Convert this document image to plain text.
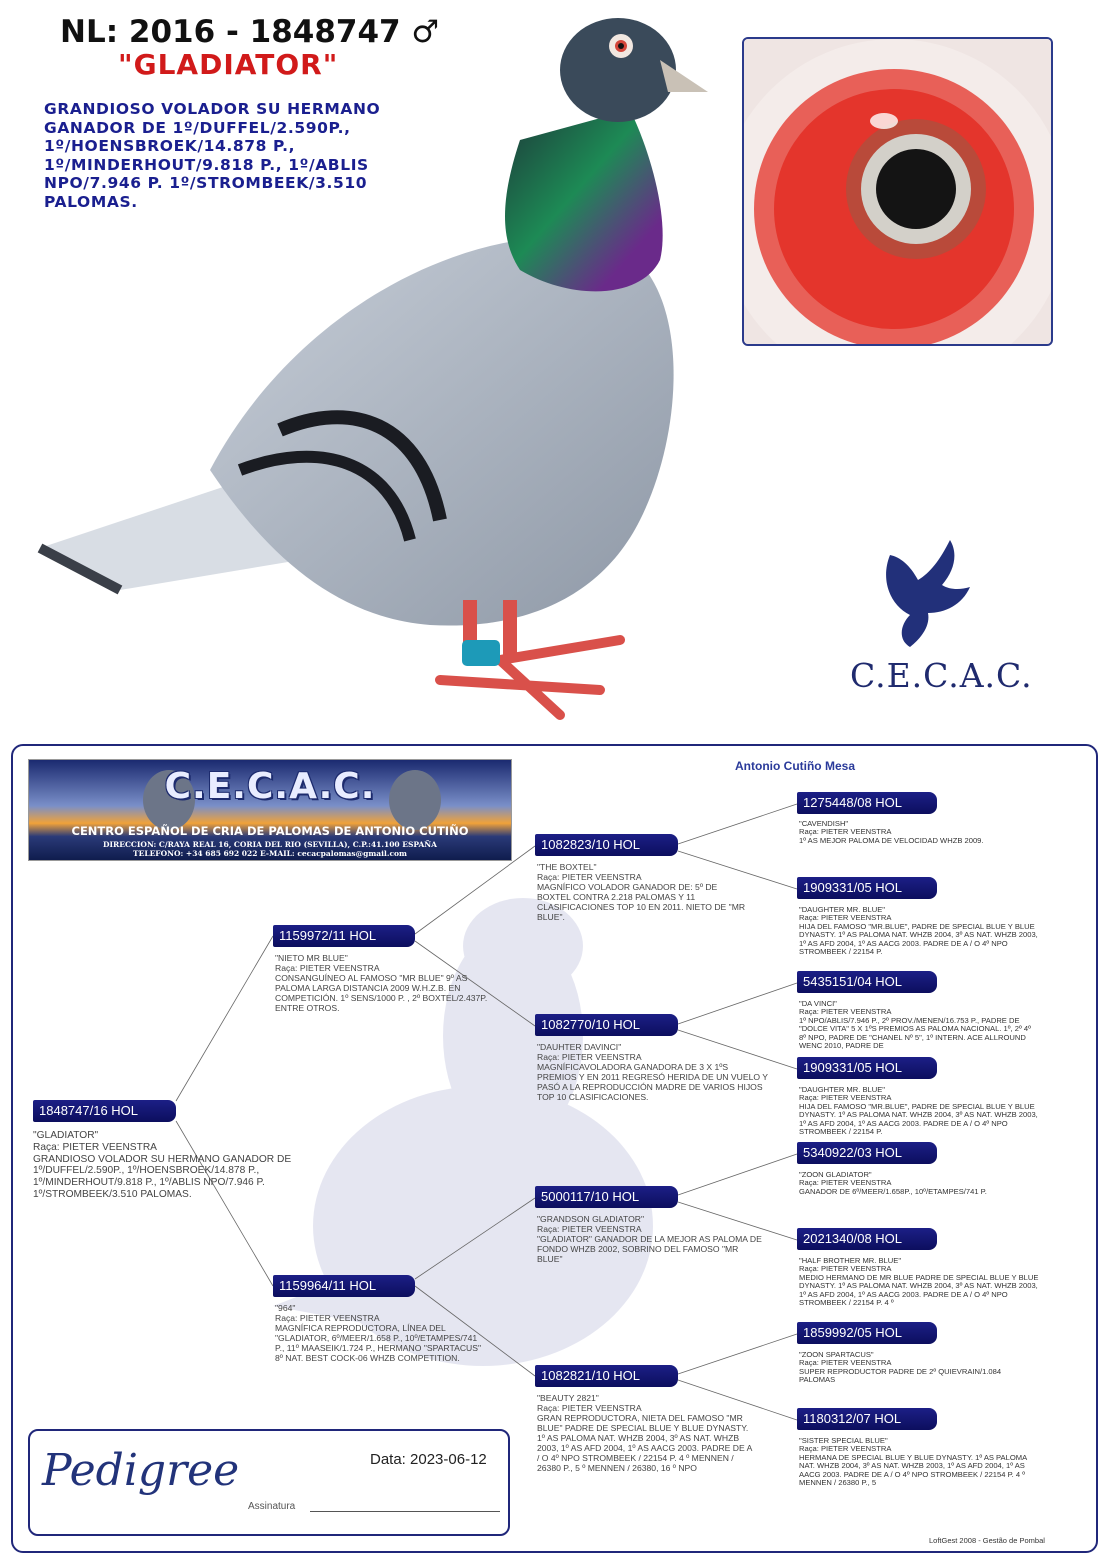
NL: 2016 - 1848747 ♂
"GLADIATOR"
GRANDIOSO VOLADOR SU HERMANO GANADOR DE 1º/DUFFEL/2.590P., 1º/HOENSBROEK/14.878 P., 1º/MINDERHOUT/9.818 P., 1º/ABLIS NPO/7.946 P. 1º/STROMBEEK/3.510 PALOMAS.
C.E.C.A.C.
Antonio Cutiño Mesa
C.E.C.A.C.
CENTRO ESPAÑOL DE CRIA DE PALOMAS DE ANTONIO CUTIÑO
DIRECCION: C/RAYA REAL 16, CORIA DEL RIO (SEVILLA), C.P.:41.100 ESPAÑA
TELEFONO: +34 685 692 022 E-MAIL: cecacpalomas@gmail.com
1848747/16 HOL
"GLADIATOR"
Raça: PIETER VEENSTRA
GRANDIOSO VOLADOR SU HERMANO GANADOR DE 1º/DUFFEL/2.590P., 1º/HOENSBROEK/14.878 P., 1º/MINDERHOUT/9.818 P., 1º/ABLIS NPO/7.946 P. 1º/STROMBEEK/3.510 PALOMAS.
1159972/11 HOL
"NIETO MR BLUE"
Raça: PIETER VEENSTRA
CONSANGUÍNEO AL FAMOSO "MR BLUE" 9º AS PALOMA LARGA DISTANCIA 2009 W.H.Z.B. EN COMPETICIÓN. 1º SENS/1000 P. , 2º BOXTEL/2.437P. ENTRE OTROS.
1159964/11 HOL
"964"
Raça: PIETER VEENSTRA
MAGNÍFICA REPRODUCTORA, LÍNEA DEL "GLADIATOR, 6º/MEER/1.658 P., 10º/ETAMPES/741 P., 11º MAASEIK/1.724 P., HERMANO "SPARTACUS" 8º NAT. BEST COCK-06 WHZB COMPETITION.
1082823/10 HOL
"THE BOXTEL"
Raça: PIETER VEENSTRA
MAGNÍFICO VOLADOR GANADOR DE: 5º DE BOXTEL CONTRA 2.218 PALOMAS Y 11 CLASIFICACIONES TOP 10 EN 2011. NIETO DE "MR BLUE".
1082770/10 HOL
"DAUHTER DAVINCI"
Raça: PIETER VEENSTRA
MAGNÍFICAVOLADORA GANADORA DE 3 X 1ºS PREMIOS Y EN 2011 REGRESÓ HERIDA DE UN VUELO Y PASÓ A LA REPRODUCCIÓN MADRE DE VARIOS HIJOS TOP 10 CLASIFICACIONES.
5000117/10 HOL
"GRANDSON GLADIATOR"
Raça: PIETER VEENSTRA
"GLADIATOR" GANADOR DE LA MEJOR AS PALOMA DE FONDO WHZB 2002, SOBRINO DEL FAMOSO "MR BLUE"
1082821/10 HOL
"BEAUTY 2821"
Raça: PIETER VEENSTRA
GRAN REPRODUCTORA, NIETA DEL FAMOSO "MR BLUE" PADRE DE SPECIAL BLUE Y BLUE DYNASTY. 1º AS PALOMA NAT. WHZB 2004, 3º AS NAT. WHZB 2003, 1º AS AFD 2004, 1º AS AACG 2003. PADRE DE A / O 4º NPO STROMBEEK / 22154 P. 4 º MENNEN / 26380 P., 5 º MENNEN / 26380, 16 º NPO
1275448/08 HOL
"CAVENDISH"
Raça: PIETER VEENSTRA
1º AS MEJOR PALOMA DE VELOCIDAD WHZB 2009.
1909331/05 HOL
"DAUGHTER MR. BLUE"
Raça: PIETER VEENSTRA
HIJA DEL FAMOSO "MR.BLUE", PADRE DE SPECIAL BLUE Y BLUE DYNASTY. 1º AS PALOMA NAT. WHZB 2004, 3º AS NAT. WHZB 2003, 1º AS AFD 2004, 1º AS AACG 2003. PADRE DE A / O 4º NPO STROMBEEK / 22154 P.
5435151/04 HOL
"DA VINCI"
Raça: PIETER VEENSTRA
1º NPO/ABLIS/7.946 P., 2º PROV./MENEN/16.753 P., PADRE DE "DOLCE VITA" 5 X 1ºS PREMIOS AS PALOMA NACIONAL. 1º, 2º 4º 8º NPO, PADRE DE "CHANEL Nº 5", 1º INTERN. ACE ALLROUND WENC 2010, PADRE DE
1909331/05 HOL
"DAUGHTER MR. BLUE"
Raça: PIETER VEENSTRA
HIJA DEL FAMOSO "MR.BLUE", PADRE DE SPECIAL BLUE Y BLUE DYNASTY. 1º AS PALOMA NAT. WHZB 2004, 3º AS NAT. WHZB 2003, 1º AS AFD 2004, 1º AS AACG 2003. PADRE DE A / O 4º NPO STROMBEEK / 22154 P.
5340922/03 HOL
"ZOON GLADIATOR"
Raça: PIETER VEENSTRA
GANADOR DE 6º/MEER/1.658P., 10º/ETAMPES/741 P.
2021340/08 HOL
"HALF BROTHER MR. BLUE"
Raça: PIETER VEENSTRA
MEDIO HERMANO DE MR BLUE PADRE DE SPECIAL BLUE Y BLUE DYNASTY. 1º AS PALOMA NAT. WHZB 2004, 3º AS NAT. WHZB 2003, 1º AS AFD 2004, 1º AS AACG 2003. PADRE DE A / O 4º NPO STROMBEEK / 22154 P. 4 º
1859992/05 HOL
"ZOON SPARTACUS"
Raça: PIETER VEENSTRA
SUPER REPRODUCTOR PADRE DE 2º QUIEVRAIN/1.084 PALOMAS
1180312/07 HOL
"SISTER SPECIAL BLUE"
Raça: PIETER VEENSTRA
HERMANA DE SPECIAL BLUE Y BLUE DYNASTY. 1º AS PALOMA NAT. WHZB 2004, 3º AS NAT. WHZB 2003, 1º AS AFD 2004, 1º AS AACG 2003. PADRE DE A / O 4º NPO STROMBEEK / 22154 P. 4 º MENNEN / 26380 P., 5
Pedigree	Data: 2023-06-12
Assinatura
LoftGest 2008 - Gestão de Pombal
